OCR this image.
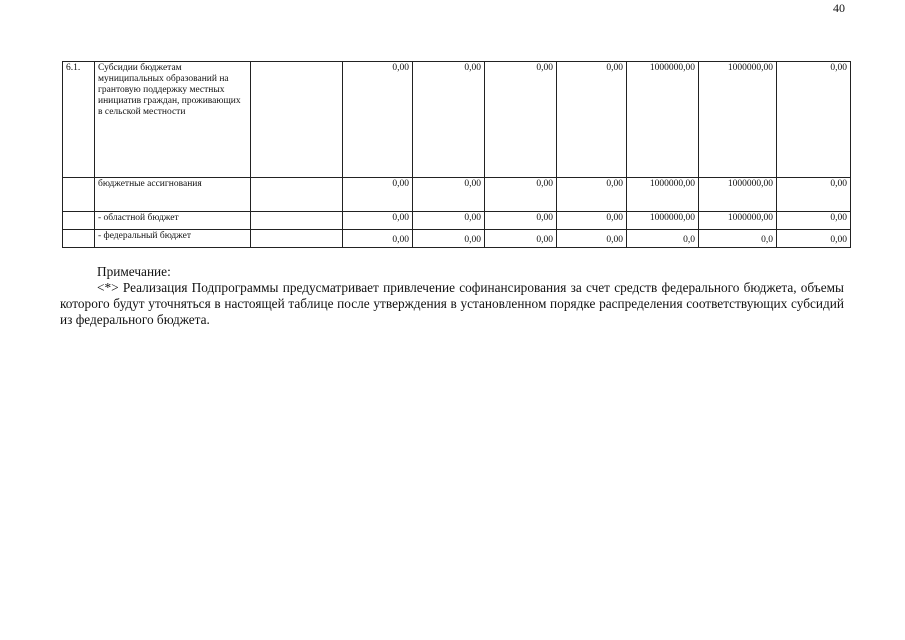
40
6.1.	Субсидии бюджетам муниципальных образований на грантовую поддержку местных инициатив граждан, проживающих в сельской местности		0,00	0,00	0,00	0,00	1000000,00	1000000,00	0,00
	бюджетные ассигнования		0,00	0,00	0,00	0,00	1000000,00	1000000,00	0,00
	- областной бюджет		0,00	0,00	0,00	0,00	1000000,00	1000000,00	0,00
	- федеральный бюджет		0,00	0,00	0,00	0,00	0,0	0,0	0,00
Примечание:
<*> Реализация Подпрограммы предусматривает привлечение софинансирования за счет средств федерального бюджета, объемы которого будут уточняться в настоящей таблице после утверждения в установленном порядке распределения соответствующих субсидий из федерального бюджета.
